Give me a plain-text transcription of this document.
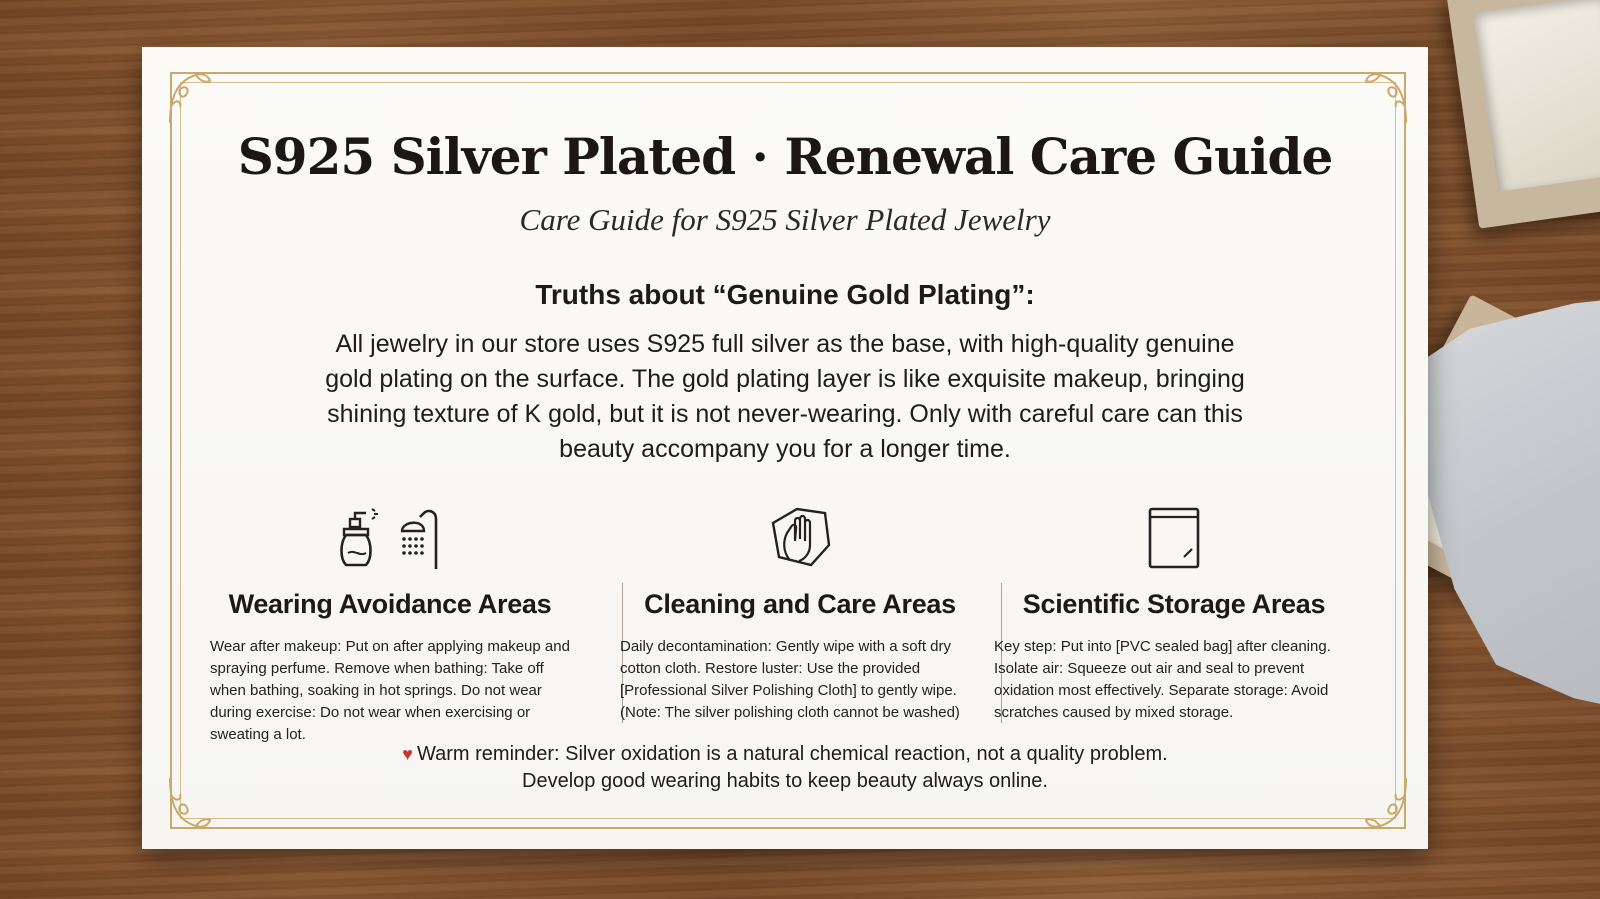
S925 Silver Plated · Renewal Care Guide
Care Guide for S925 Silver Plated Jewelry
Truths about “Genuine Gold Plating”:
All jewelry in our store uses S925 full silver as the base, with high-quality genuine gold plating on the surface. The gold plating layer is like exquisite makeup, bringing shining texture of K gold, but it is not never-wearing. Only with careful care can this beauty accompany you for a longer time.
Wearing Avoidance Areas
Wear after makeup: Put on after applying makeup and spraying perfume. Remove when bathing: Take off when bathing, soaking in hot springs. Do not wear during exercise: Do not wear when exercising or sweating a lot.
Cleaning and Care Areas
Daily decontamination: Gently wipe with a soft dry cotton cloth. Restore luster: Use the provided [Professional Silver Polishing Cloth] to gently wipe. (Note: The silver polishing cloth cannot be washed)
Scientific Storage Areas
Key step: Put into [PVC sealed bag] after cleaning. Isolate air: Squeeze out air and seal to prevent oxidation most effectively. Separate storage: Avoid scratches caused by mixed storage.
♥ Warm reminder: Silver oxidation is a natural chemical reaction, not a quality problem.
Develop good wearing habits to keep beauty always online.
